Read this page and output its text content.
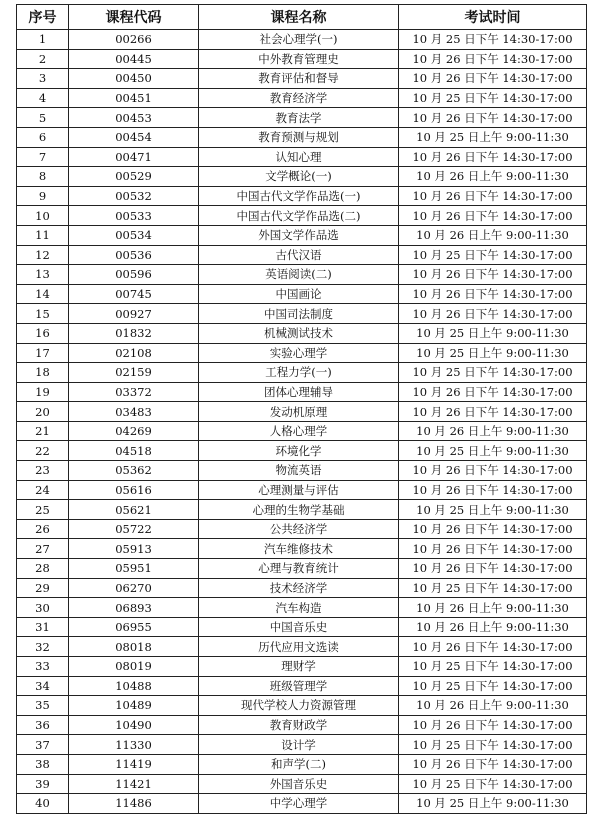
序号	课程代码	课程名称	考试时间
1	00266	社会心理学(一)	10 月 25 日下午 14:30-17:00
2	00445	中外教育管理史	10 月 26 日下午 14:30-17:00
3	00450	教育评估和督导	10 月 26 日下午 14:30-17:00
4	00451	教育经济学	10 月 25 日下午 14:30-17:00
5	00453	教育法学	10 月 26 日下午 14:30-17:00
6	00454	教育预测与规划	10 月 25 日上午 9:00-11:30
7	00471	认知心理	10 月 26 日下午 14:30-17:00
8	00529	文学概论(一)	10 月 26 日上午 9:00-11:30
9	00532	中国古代文学作品选(一)	10 月 26 日下午 14:30-17:00
10	00533	中国古代文学作品选(二)	10 月 26 日下午 14:30-17:00
11	00534	外国文学作品选	10 月 26 日上午 9:00-11:30
12	00536	古代汉语	10 月 25 日下午 14:30-17:00
13	00596	英语阅读(二)	10 月 26 日下午 14:30-17:00
14	00745	中国画论	10 月 26 日下午 14:30-17:00
15	00927	中国司法制度	10 月 26 日下午 14:30-17:00
16	01832	机械测试技术	10 月 25 日上午 9:00-11:30
17	02108	实验心理学	10 月 25 日上午 9:00-11:30
18	02159	工程力学(一)	10 月 25 日下午 14:30-17:00
19	03372	团体心理辅导	10 月 26 日下午 14:30-17:00
20	03483	发动机原理	10 月 26 日下午 14:30-17:00
21	04269	人格心理学	10 月 26 日上午 9:00-11:30
22	04518	环境化学	10 月 25 日上午 9:00-11:30
23	05362	物流英语	10 月 26 日下午 14:30-17:00
24	05616	心理测量与评估	10 月 26 日下午 14:30-17:00
25	05621	心理的生物学基础	10 月 25 日上午 9:00-11:30
26	05722	公共经济学	10 月 26 日下午 14:30-17:00
27	05913	汽车维修技术	10 月 26 日下午 14:30-17:00
28	05951	心理与教育统计	10 月 26 日下午 14:30-17:00
29	06270	技术经济学	10 月 25 日下午 14:30-17:00
30	06893	汽车构造	10 月 26 日上午 9:00-11:30
31	06955	中国音乐史	10 月 26 日上午 9:00-11:30
32	08018	历代应用文选读	10 月 26 日下午 14:30-17:00
33	08019	理财学	10 月 25 日下午 14:30-17:00
34	10488	班级管理学	10 月 25 日下午 14:30-17:00
35	10489	现代学校人力资源管理	10 月 26 日上午 9:00-11:30
36	10490	教育财政学	10 月 26 日下午 14:30-17:00
37	11330	设计学	10 月 25 日下午 14:30-17:00
38	11419	和声学(二)	10 月 26 日下午 14:30-17:00
39	11421	外国音乐史	10 月 25 日下午 14:30-17:00
40	11486	中学心理学	10 月 25 日上午 9:00-11:30
